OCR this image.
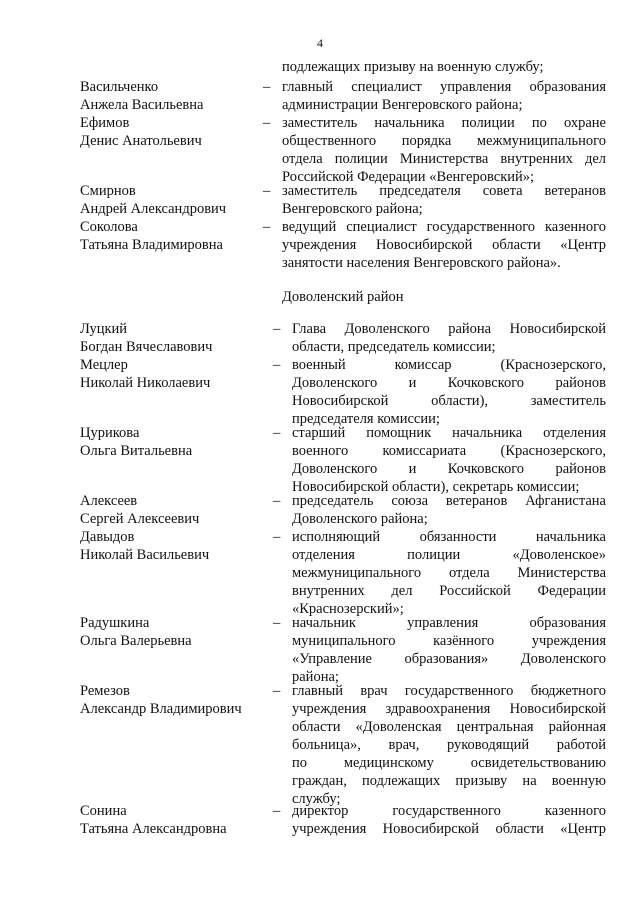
4
подлежащих призыву на военную службу;
Васильченко
Анжела Васильевна
– главный специалист управления образования
администрации Венгеровского района;
Ефимов
Денис Анатольевич
– заместитель начальника полиции по охране
общественного порядка межмуниципального
отдела полиции Министерства внутренних дел
Российской Федерации «Венгеровский»;
Смирнов
Андрей Александрович
– заместитель председателя совета ветеранов
Венгеровского района;
Соколова
Татьяна Владимировна
– ведущий специалист государственного казенного
учреждения Новосибирской области «Центр
занятости населения Венгеровского района».
Доволенский район
Луцкий
Богдан Вячеславович
– Глава Доволенского района Новосибирской
области, председатель комиссии;
Мецлер
Николай Николаевич
– военный комиссар (Краснозерского,
Доволенского и Кочковского районов
Новосибирской области), заместитель
председателя комиссии;
Цурикова
Ольга Витальевна
– старший помощник начальника отделения
военного комиссариата (Краснозерского,
Доволенского и Кочковского районов
Новосибирской области), секретарь комиссии;
Алексеев
Сергей Алексеевич
– председатель союза ветеранов Афганистана
Доволенского района;
Давыдов
Николай Васильевич
– исполняющий обязанности начальника
отделения полиции «Доволенское»
межмуниципального отдела Министерства
внутренних дел Российской Федерации
«Краснозерский»;
Радушкина
Ольга Валерьевна
– начальник управления образования
муниципального казённого учреждения
«Управление образования» Доволенского
района;
Ремезов
Александр Владимирович
– главный врач государственного бюджетного
учреждения здравоохранения Новосибирской
области «Доволенская центральная районная
больница», врач, руководящий работой
по медицинскому освидетельствованию
граждан, подлежащих призыву на военную
службу;
Сонина
Татьяна Александровна
– директор государственного казенного
учреждения Новосибирской области «Центр
